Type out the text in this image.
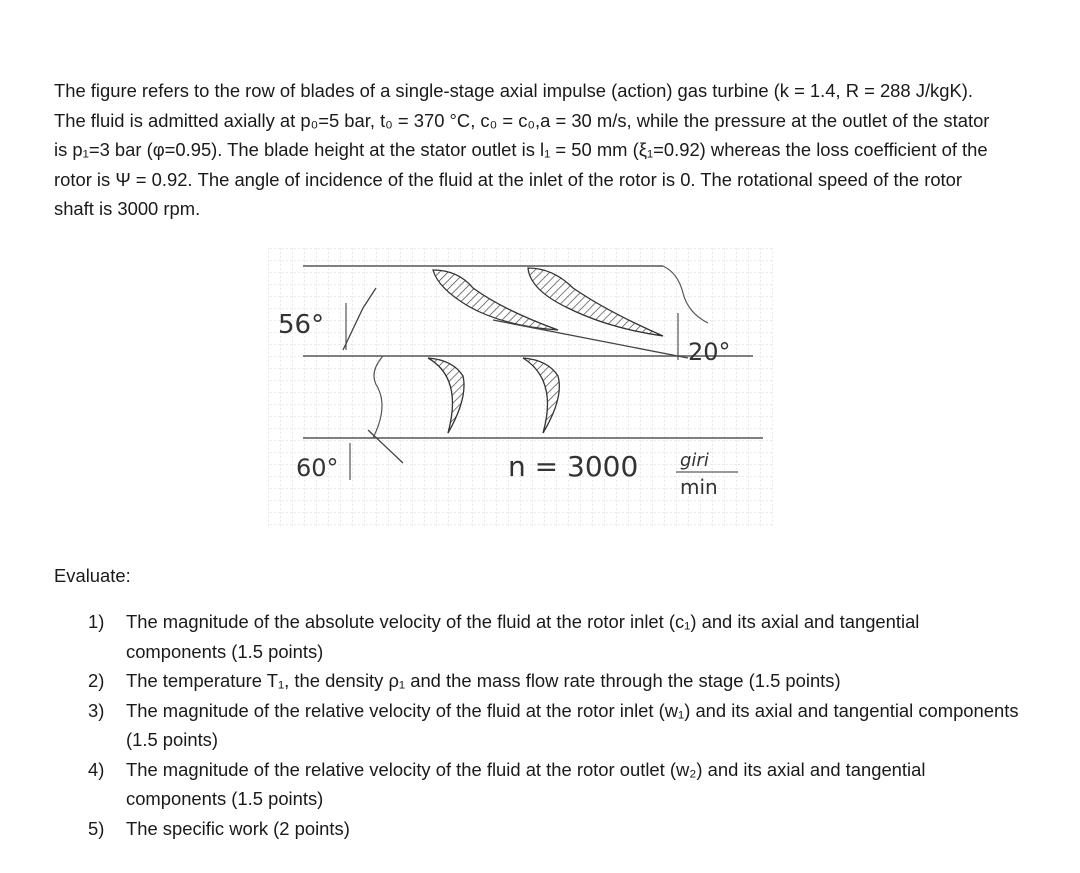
The figure refers to the row of blades of a single-stage axial impulse (action) gas turbine (k = 1.4, R = 288 J/kgK). The fluid is admitted axially at p₀=5 bar, t₀ = 370 °C, c₀ = c₀,a = 30 m/s, while the pressure at the outlet of the stator is p₁=3 bar (φ=0.95). The blade height at the stator outlet is l₁ = 50 mm (ξ₁=0.92) whereas the loss coefficient of the rotor is Ψ = 0.92. The angle of incidence of the fluid at the inlet of the rotor is 0. The rotational speed of the rotor shaft is 3000 rpm.

56°
60°
20°
n = 3000 giri
min

Evaluate:

1) The magnitude of the absolute velocity of the fluid at the rotor inlet (c₁) and its axial and tangential components (1.5 points)
2) The temperature T₁, the density ρ₁ and the mass flow rate through the stage (1.5 points)
3) The magnitude of the relative velocity of the fluid at the rotor inlet (w₁) and its axial and tangential components (1.5 points)
4) The magnitude of the relative velocity of the fluid at the rotor outlet (w₂) and its axial and tangential components (1.5 points)
5) The specific work (2 points)
